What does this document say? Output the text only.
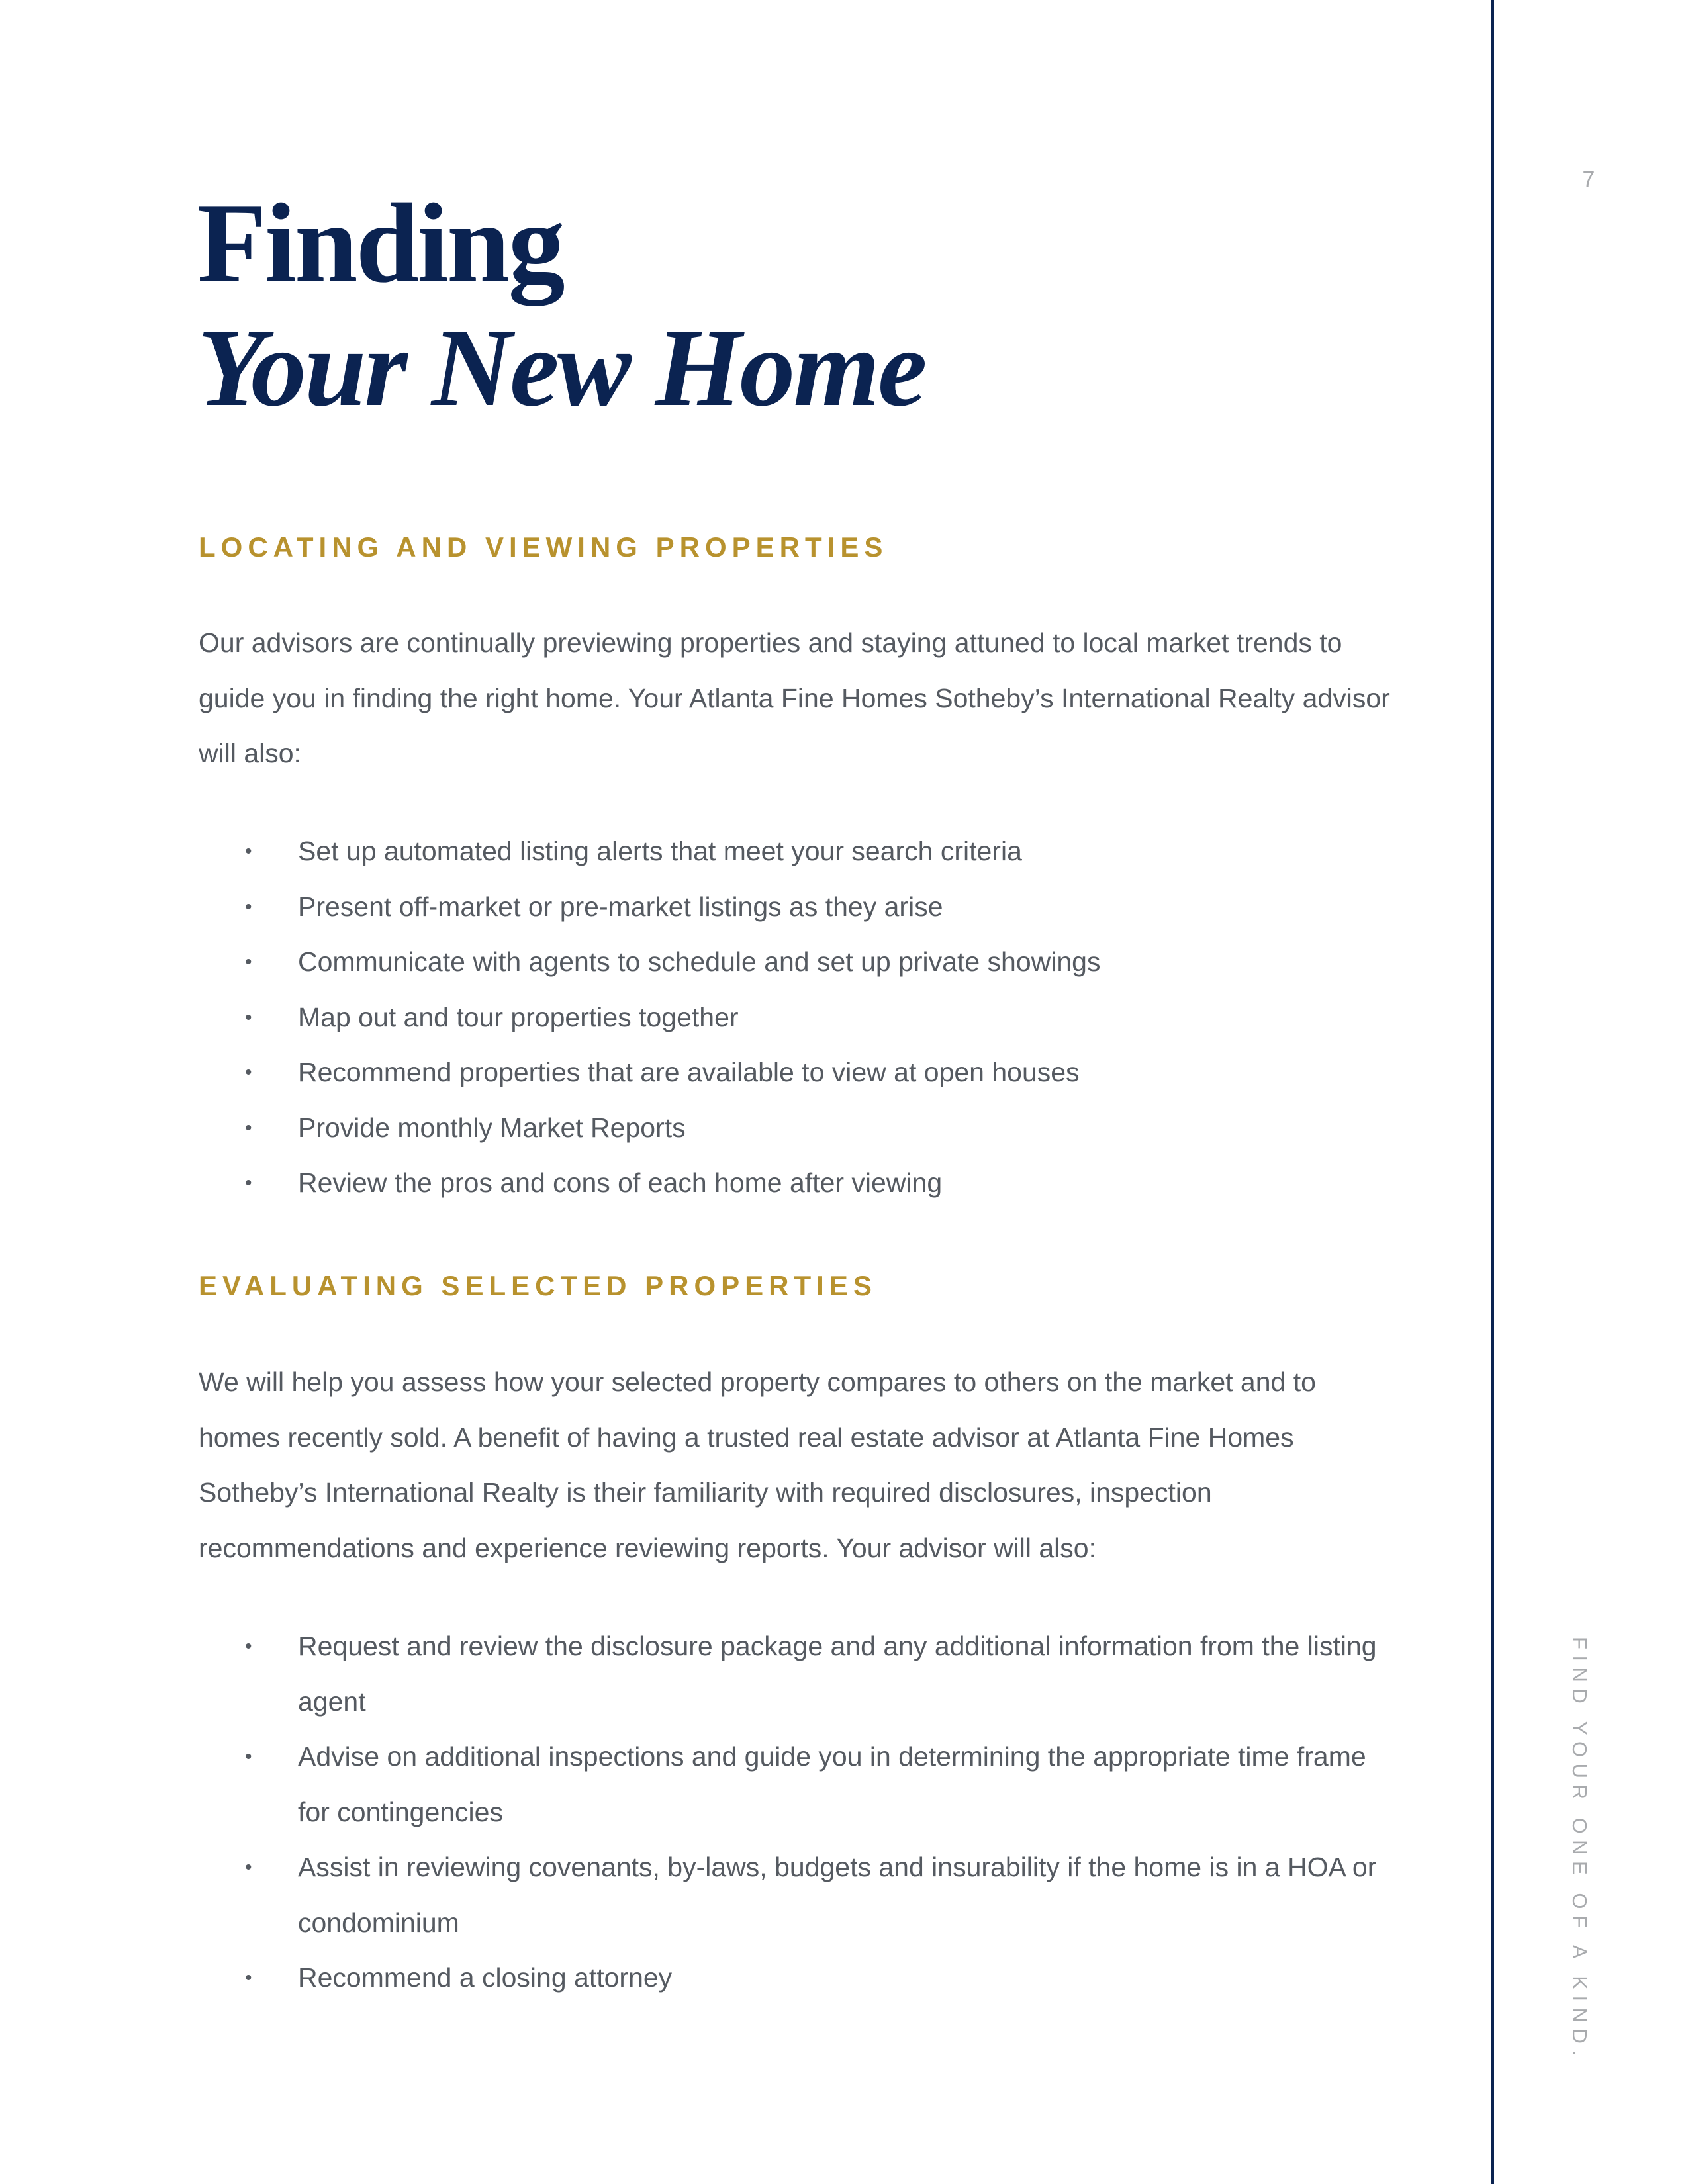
Finding
Your New Home
LOCATING AND VIEWING PROPERTIES

Our advisors are continually previewing properties and staying attuned to local market trends to guide you in finding the right home. Your Atlanta Fine Homes Sotheby’s International Realty advisor will also:

•	Set up automated listing alerts that meet your search criteria
•	Present off-market or pre-market listings as they arise
•	Communicate with agents to schedule and set up private showings
•	Map out and tour properties together
•	Recommend properties that are available to view at open houses
•	Provide monthly Market Reports
•	Review the pros and cons of each home after viewing
EVALUATING SELECTED PROPERTIES

We will help you assess how your selected property compares to others on the market and to homes recently sold. A benefit of having a trusted real estate advisor at Atlanta Fine Homes Sotheby’s International Realty is their familiarity with required disclosures, inspection recommendations and experience reviewing reports. Your advisor will also:

•	Request and review the disclosure package and any additional information from the listing agent
•	Advise on additional inspections and guide you in determining the appropriate time frame for contingencies
•	Assist in reviewing covenants, by-laws, budgets and insurability if the home is in a HOA or condominium
•	Recommend a closing attorney
7
FIND YOUR ONE OF A KIND.
